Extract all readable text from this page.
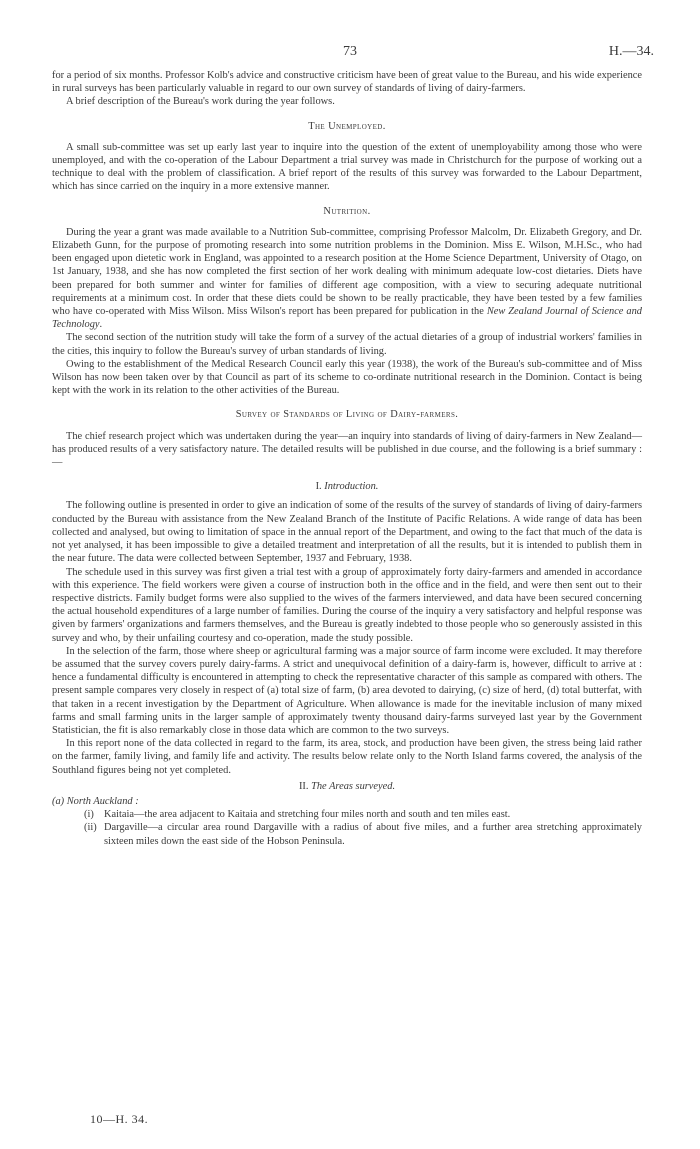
73	H.—34.

for a period of six months. Professor Kolb's advice and constructive criticism have been of great value to the Bureau, and his wide experience in rural surveys has been particularly valuable in regard to our own survey of standards of living of dairy-farmers.

A brief description of the Bureau's work during the year follows.

The Unemployed.

A small sub-committee was set up early last year to inquire into the question of the extent of unemployability among those who were unemployed, and with the co-operation of the Labour Department a trial survey was made in Christchurch for the purpose of working out a technique to deal with the problem of classification. A brief report of the results of this survey was forwarded to the Labour Department, which has since carried on the inquiry in a more extensive manner.

Nutrition.

During the year a grant was made available to a Nutrition Sub-committee, comprising Professor Malcolm, Dr. Elizabeth Gregory, and Dr. Elizabeth Gunn, for the purpose of promoting research into some nutrition problems in the Dominion. Miss E. Wilson, M.H.Sc., who had been engaged upon dietetic work in England, was appointed to a research position at the Home Science Department, University of Otago, on 1st January, 1938, and she has now completed the first section of her work dealing with minimum adequate low-cost dietaries. Diets have been prepared for both summer and winter for families of different age composition, with a view to securing adequate nutritional requirements at a minimum cost. In order that these diets could be shown to be really practicable, they have been tested by a few families who have co-operated with Miss Wilson. Miss Wilson's report has been prepared for publication in the New Zealand Journal of Science and Technology.

The second section of the nutrition study will take the form of a survey of the actual dietaries of a group of industrial workers' families in the cities, this inquiry to follow the Bureau's survey of urban standards of living.

Owing to the establishment of the Medical Research Council early this year (1938), the work of the Bureau's sub-committee and of Miss Wilson has now been taken over by that Council as part of its scheme to co-ordinate nutritional research in the Dominion. Contact is being kept with the work in its relation to the other activities of the Bureau.

Survey of Standards of Living of Dairy-farmers.

The chief research project which was undertaken during the year—an inquiry into standards of living of dairy-farmers in New Zealand—has produced results of a very satisfactory nature. The detailed results will be published in due course, and the following is a brief summary :—

I. Introduction.

The following outline is presented in order to give an indication of some of the results of the survey of standards of living of dairy-farmers conducted by the Bureau with assistance from the New Zealand Branch of the Institute of Pacific Relations. A wide range of data has been collected and analysed, but owing to limitation of space in the annual report of the Department, and owing to the fact that much of the data is not yet analysed, it has been impossible to give a detailed treatment and interpretation of all the results, but it is intended to publish them in the near future. The data were collected between September, 1937 and February, 1938.

The schedule used in this survey was first given a trial test with a group of approximately forty dairy-farmers and amended in accordance with this experience. The field workers were given a course of instruction both in the office and in the field, and were then sent out to their respective districts. Family budget forms were also supplied to the wives of the farmers interviewed, and data have been secured concerning the actual household expenditures of a large number of families. During the course of the inquiry a very satisfactory and helpful response was given by farmers' organizations and farmers themselves, and the Bureau is greatly indebted to those people who so generously assisted in this survey and who, by their unfailing courtesy and co-operation, made the study possible.

In the selection of the farm, those where sheep or agricultural farming was a major source of farm income were excluded. It may therefore be assumed that the survey covers purely dairy-farms. A strict and unequivocal definition of a dairy-farm is, however, difficult to arrive at : hence a fundamental difficulty is encountered in attempting to check the representative character of this sample as compared with others. The present sample compares very closely in respect of (a) total size of farm, (b) area devoted to dairying, (c) size of herd, (d) total butterfat, with that taken in a recent investigation by the Department of Agriculture. When allowance is made for the inevitable inclusion of many mixed farms and small farming units in the larger sample of approximately twenty thousand dairy-farms surveyed last year by the Government Statistician, the fit is also remarkably close in those data which are common to the two surveys.

In this report none of the data collected in regard to the farm, its area, stock, and production have been given, the stress being laid rather on the farmer, family living, and family life and activity. The results below relate only to the North Island farms covered, the analysis of the Southland figures being not yet completed.

II. The Areas surveyed.

(a) North Auckland :

(i) Kaitaia—the area adjacent to Kaitaia and stretching four miles north and south and ten miles east.
(ii) Dargaville—a circular area round Dargaville with a radius of about five miles, and a further area stretching approximately sixteen miles down the east side of the Hobson Peninsula.
10—H. 34.
